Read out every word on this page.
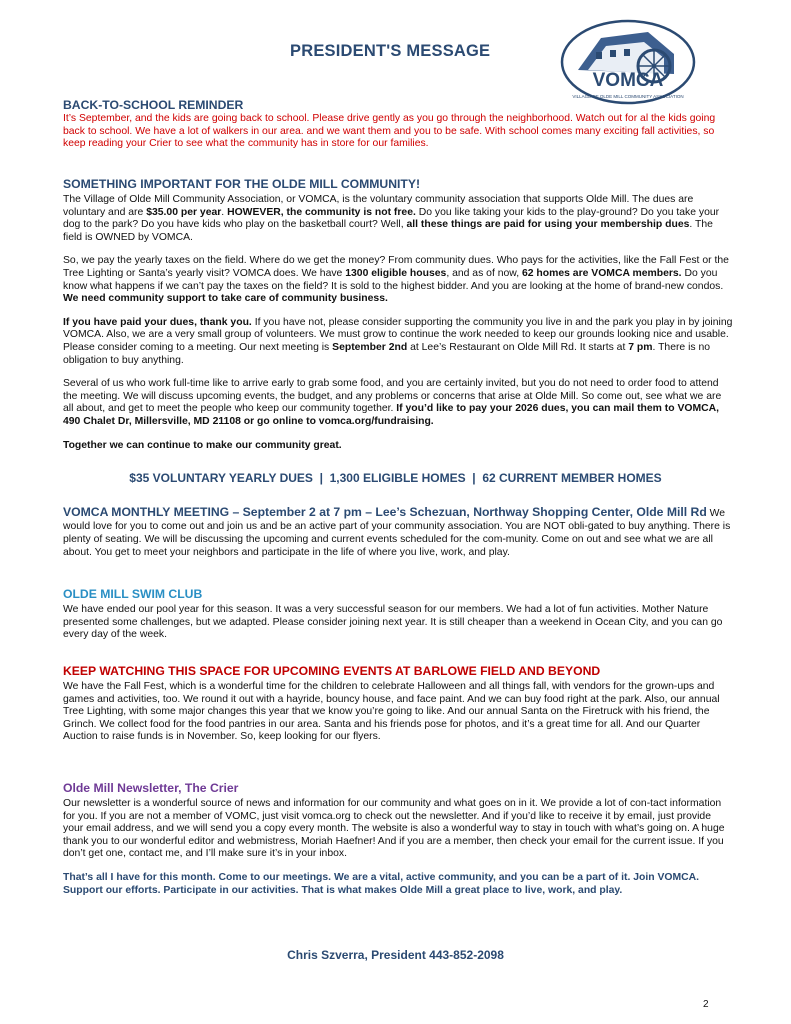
PRESIDENT'S MESSAGE
VOMCA
VILLAGE OF OLDE MILL COMMUNITY ASSOCIATION
BACK-TO-SCHOOL REMINDER

It’s September, and the kids are going back to school. Please drive gently as you go through the neighborhood. Watch out for al the kids going back to school. We have a lot of walkers in our area. and we want them and you to be safe. With school comes many exciting fall activities, so keep reading your Crier to see what the community has in store for our families.

SOMETHING IMPORTANT FOR THE OLDE MILL COMMUNITY!

The Village of Olde Mill Community Association, or VOMCA, is the voluntary community association that supports Olde Mill. The dues are voluntary and are $35.00 per year. HOWEVER, the community is not free. Do you like taking your kids to the play-ground? Do you take your dog to the park? Do you have kids who play on the basketball court? Well, all these things are paid for using your membership dues. The field is OWNED by VOMCA.

So, we pay the yearly taxes on the field. Where do we get the money? From community dues. Who pays for the activities, like the Fall Fest or the Tree Lighting or Santa’s yearly visit? VOMCA does. We have 1300 eligible houses, and as of now, 62 homes are VOMCA members. Do you know what happens if we can’t pay the taxes on the field? It is sold to the highest bidder. And you are looking at the home of brand-new condos. We need community support to take care of community business.

If you have paid your dues, thank you. If you have not, please consider supporting the community you live in and the park you play in by joining VOMCA. Also, we are a very small group of volunteers. We must grow to continue the work needed to keep our grounds looking nice and usable. Please consider coming to a meeting. Our next meeting is September 2nd at Lee’s Restaurant on Olde Mill Rd. It starts at 7 pm. There is no obligation to buy anything.

Several of us who work full-time like to arrive early to grab some food, and you are certainly invited, but you do not need to order food to attend the meeting. We will discuss upcoming events, the budget, and any problems or concerns that arise at Olde Mill. So come out, see what we are all about, and get to meet the people who keep our community together. If you’d like to pay your 2026 dues, you can mail them to VOMCA, 490 Chalet Dr, Millersville, MD 21108 or go online to vomca.org/fundraising.

Together we can continue to make our community great.

$35 VOLUNTARY YEARLY DUES  |  1,300 ELIGIBLE HOMES  |  62 CURRENT MEMBER HOMES

VOMCA MONTHLY MEETING – September 2 at 7 pm – Lee’s Schezuan, Northway Shopping Center, Olde Mill Rd We would love for you to come out and join us and be an active part of your community association. You are NOT obli-gated to buy anything. There is plenty of seating. We will be discussing the upcoming and current events scheduled for the com-munity. Come on out and see what we are all about. You get to meet your neighbors and participate in the life of where you live, work, and play.

OLDE MILL SWIM CLUB

We have ended our pool year for this season. It was a very successful season for our members. We had a lot of fun activities. Mother Nature presented some challenges, but we adapted. Please consider joining next year. It is still cheaper than a weekend in Ocean City, and you can go every day of the week.

KEEP WATCHING THIS SPACE FOR UPCOMING EVENTS AT BARLOWE FIELD AND BEYOND

We have the Fall Fest, which is a wonderful time for the children to celebrate Halloween and all things fall, with vendors for the grown-ups and games and activities, too. We round it out with a hayride, bouncy house, and face paint. And we can buy food right at the park. Also, our annual Tree Lighting, with some major changes this year that we know you’re going to like. And our annual Santa on the Firetruck with his friend, the Grinch. We collect food for the food pantries in our area. Santa and his friends pose for photos, and it’s a great time for all. And our Quarter Auction to raise funds is in November. So, keep looking for our flyers.

Olde Mill Newsletter, The Crier

Our newsletter is a wonderful source of news and information for our community and what goes on in it. We provide a lot of con-tact information for you. If you are not a member of VOMC, just visit vomca.org to check out the newsletter. And if you’d like to receive it by email, just provide your email address, and we will send you a copy every month. The website is also a wonderful way to stay in touch with what’s going on. A huge thank you to our wonderful editor and webmistress, Moriah Haefner! And if you are a member, then check your email for the current issue. If you don’t get one, contact me, and I’ll make sure it’s in your inbox.

That’s all I have for this month. Come to our meetings. We are a vital, active community, and you can be a part of it. Join VOMCA. Support our efforts. Participate in our activities. That is what makes Olde Mill a great place to live, work, and play.

Chris Szverra, President 443-852-2098
2
